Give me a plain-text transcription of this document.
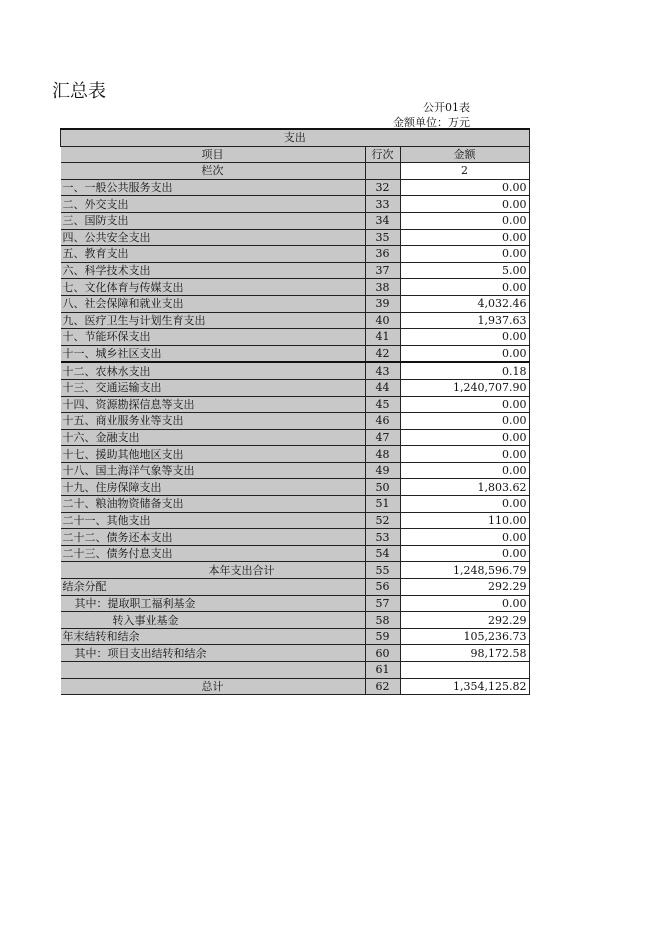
汇总表
公开01表
金额单位：万元
支出		
项目	行次	金额
栏次		2
一、一般公共服务支出	32	0.00
二、外交支出	33	0.00
三、国防支出	34	0.00
四、公共安全支出	35	0.00
五、教育支出	36	0.00
六、科学技术支出	37	5.00
七、文化体育与传媒支出	38	0.00
八、社会保障和就业支出	39	4,032.46
九、医疗卫生与计划生育支出	40	1,937.63
十、节能环保支出	41	0.00
十一、城乡社区支出	42	0.00
十二、农林水支出	43	0.18
十三、交通运输支出	44	1,240,707.90
十四、资源勘探信息等支出	45	0.00
十五、商业服务业等支出	46	0.00
十六、金融支出	47	0.00
十七、援助其他地区支出	48	0.00
十八、国土海洋气象等支出	49	0.00
十九、住房保障支出	50	1,803.62
二十、粮油物资储备支出	51	0.00
二十一、其他支出	52	110.00
二十二、债务还本支出	53	0.00
二十三、债务付息支出	54	0.00
本年支出合计	55	1,248,596.79
结余分配	56	292.29
其中：提取职工福利基金	57	0.00
转入事业基金	58	292.29
年末结转和结余	59	105,236.73
其中：项目支出结转和结余	60	98,172.58
	61	
总计	62	1,354,125.82
